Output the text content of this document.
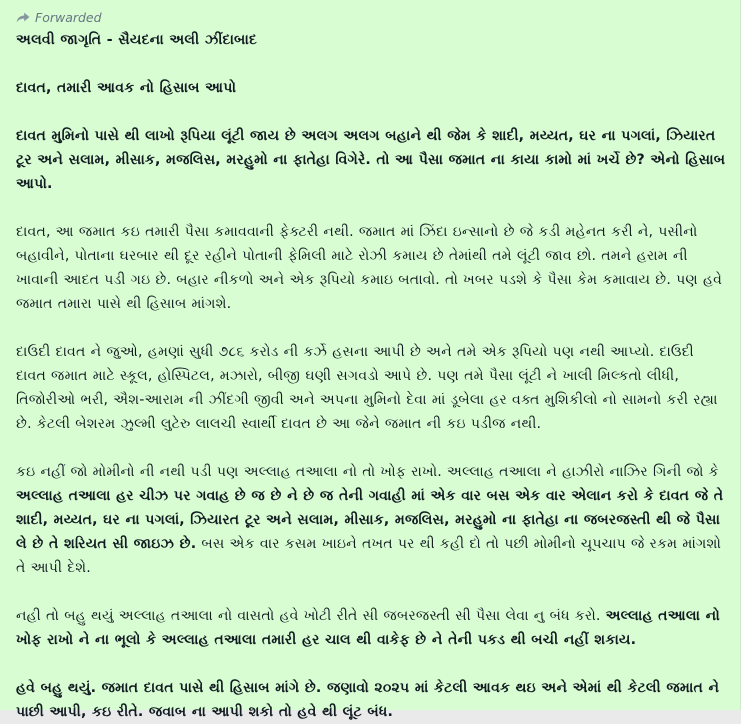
Forwarded
અલવી જાગૃતિ - સૈયદના અલી ઝીંદાબાદ
દાવત, તમારી આવક નો હિસાબ આપો
દાવત મુમિનો પાસે થી લાખો રૂપિયા લૂંટી જાય છે અલગ અલગ બહાને થી જેમ કે શાદી, મય્યત, ઘર ના પગલાં, ઝિયારત ટૂર અને સલામ, મીસાક, મજલિસ, મરહુમો ના ફાતેહા વિગેરે. તો આ પૈસા જમાત ના કાયા કામો માં ખર્ચે છે? એનો હિસાબ આપો.
દાવત, આ જમાત કઇ તમારી પૈસા કમાવવાની ફેક્ટરી નથી. જમાત માં ઝિંદા ઇન્સાનો છે જે કડી મહેનત કરી ને, પસીનો બહાવીને, પોતાના ઘરબાર થી દૂર રહીને પોતાની ફેમિલી માટે રોઝી કમાય છે તેમાંથી તમે લૂંટી જાવ છો. તમને હરામ ની ખાવાની આદત પડી ગઇ છે. બહાર નીકળો અને એક રૂપિયો કમાઇ બતાવો. તો ખબર પડશે કે પૈસા કેમ કમાવાય છે. પણ હવે જમાત તમારા પાસે થી હિસાબ માંગશે.
દાઉદી દાવત ને જુઓ, હમણાં સુધી ૭૮૬ કરોડ ની કર્ઝે હસના આપી છે અને તમે એક રૂપિયો પણ નથી આપ્યો. દાઉદી દાવત જમાત માટે સ્કૂલ, હોસ્પિટલ, મઝારો, બીજી ઘણી સગવડો આપે છે. પણ તમે પૈસા લૂંટી ને ખાલી મિલ્કતો લીધી, તિજોરીઓ ભરી, ઐશ-આરામ ની ઝીંદગી જીવી અને અપના મુમિનો દેવા માં ડૂબેલા હર વક્ત મુશિકીલો નો સામનો કરી રહ્યા છે. કેટલી બેશરમ ઝુલ્મી લુટેરુ લાલચી સ્વાર્થી દાવત છે આ જેને જમાત ની કઇ પડીજ નથી.
કઇ નહીં જો મોમીનો ની નથી પડી પણ અલ્લાહ તઆલા નો તો ખોફ રાખો. અલ્લાહ તઆલા ને હાઝીરો નાઝિર ગિની જો કે અલ્લાહ તઆલા હર ચીઝ પર ગવાહ છે જ છે ને છે જ તેની ગવાહી માં એક વાર બસ એક વાર એલાન કરો કે દાવત જે તે શાદી, મય્યત, ઘર ના પગલાં, ઝિયારત ટૂર અને સલામ, મીસાક, મજલિસ, મરહુમો ના ફાતેહા ના જબરજસ્તી થી જે પૈસા લે છે તે શરિયત સી જાઇઝ છે. બસ એક વાર કસમ ખાઇને તખત પર થી કહી દો તો પછી મોમીનો ચૂપચાપ જે રકમ માંગશો તે આપી દેશે.
નહી તો બહુ થયું અલ્લાહ તઆલા નો વાસતો હવે ખોટી રીતે સી જબરજસ્તી સી પૈસા લેવા નુ બંધ કરો. અલ્લાહ તઆલા નો ખોફ રાખો ને ના ભૂલો કે અલ્લાહ તઆલા તમારી હર ચાલ થી વાકેફ છે ને તેની પકડ થી બચી નહીં શકાય.
હવે બહુ થયું. જમાત દાવત પાસે થી હિસાબ માંગે છે. જણાવો ૨૦૨૫ માં કેટલી આવક થઇ અને એમાં થી કેટલી જમાત ને પાછી આપી, કઇ રીતે. જવાબ ના આપી શકો તો હવે થી લૂંટ બંધ.
